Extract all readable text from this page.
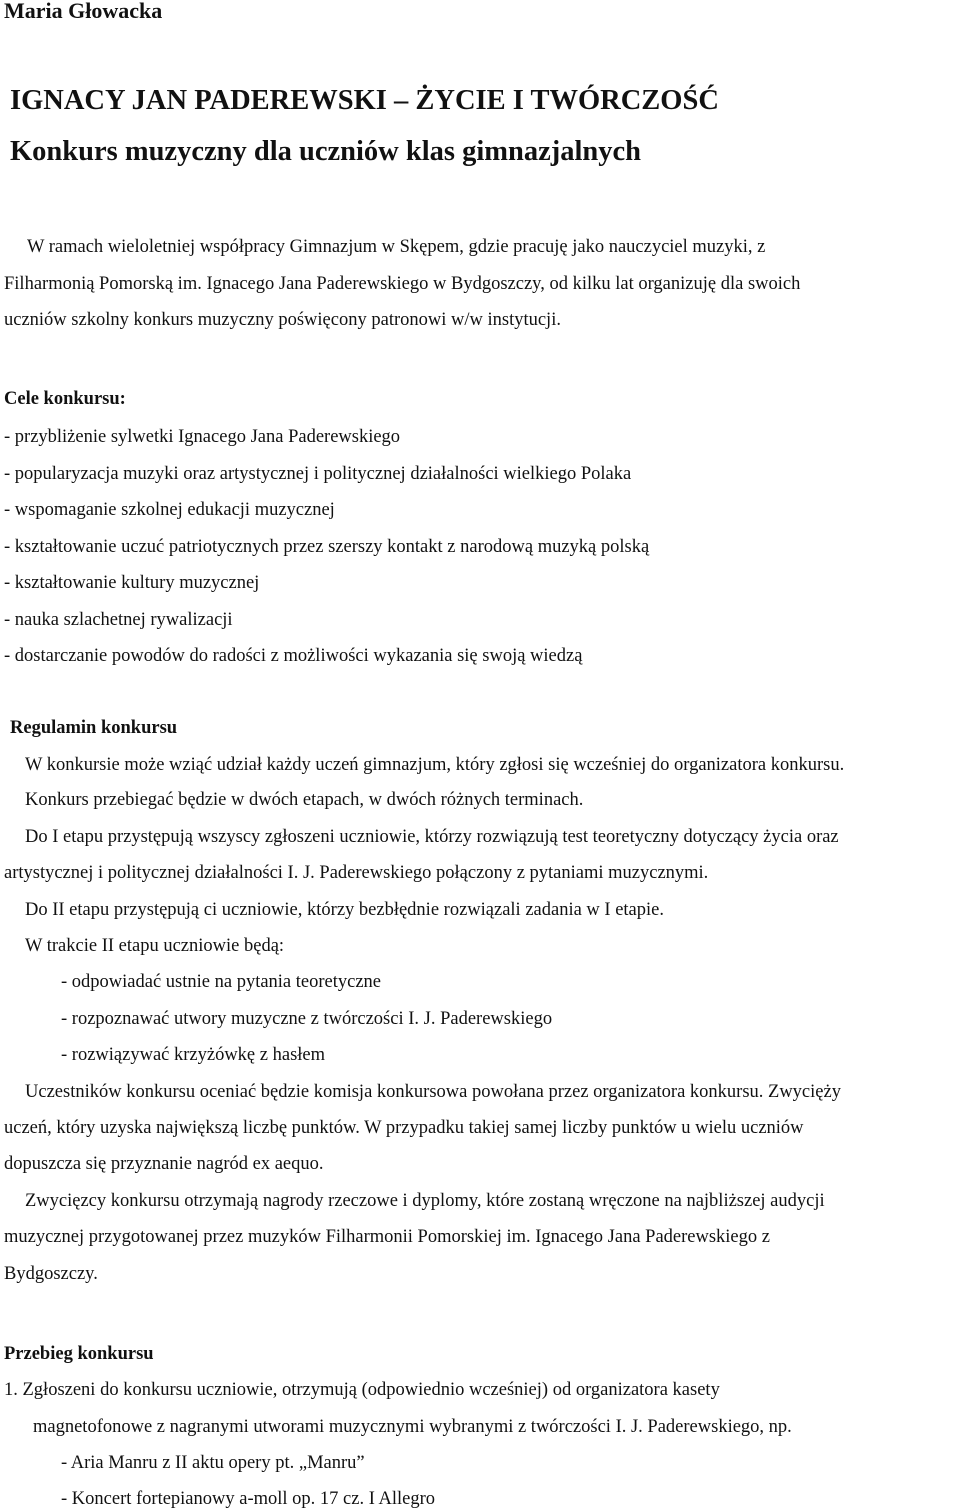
Maria Głowacka
IGNACY JAN PADEREWSKI – ŻYCIE I TWÓRCZOŚĆ
Konkurs muzyczny dla uczniów klas gimnazjalnych
W ramach wieloletniej współpracy Gimnazjum w Skępem, gdzie pracuję jako nauczyciel muzyki, z
Filharmonią Pomorską im. Ignacego Jana Paderewskiego w Bydgoszczy, od kilku lat organizuję dla swoich
uczniów szkolny konkurs muzyczny poświęcony patronowi w/w instytucji.
Cele konkursu:
- przybliżenie sylwetki Ignacego Jana Paderewskiego
- popularyzacja muzyki oraz artystycznej i politycznej działalności wielkiego Polaka
- wspomaganie szkolnej edukacji muzycznej
- kształtowanie uczuć patriotycznych przez szerszy kontakt z narodową muzyką polską
- kształtowanie kultury muzycznej
- nauka szlachetnej rywalizacji
- dostarczanie powodów do radości z możliwości wykazania się swoją wiedzą
Regulamin konkursu
W konkursie może wziąć udział każdy uczeń gimnazjum, który zgłosi się wcześniej do organizatora konkursu.
Konkurs przebiegać będzie w dwóch etapach, w dwóch różnych terminach.
Do I etapu przystępują wszyscy zgłoszeni uczniowie, którzy rozwiązują test teoretyczny dotyczący życia oraz
artystycznej i politycznej działalności I. J. Paderewskiego połączony z pytaniami muzycznymi.
Do II etapu przystępują ci uczniowie, którzy bezbłędnie rozwiązali zadania w I etapie.
W trakcie II etapu uczniowie będą:
- odpowiadać ustnie na pytania teoretyczne
- rozpoznawać utwory muzyczne z twórczości I. J. Paderewskiego
- rozwiązywać krzyżówkę z hasłem
Uczestników konkursu oceniać będzie komisja konkursowa powołana przez organizatora konkursu. Zwycięży
uczeń, który uzyska największą liczbę punktów. W przypadku takiej samej liczby punktów u wielu uczniów
dopuszcza się przyznanie nagród ex aequo.
Zwycięzcy konkursu otrzymają nagrody rzeczowe i dyplomy, które zostaną wręczone na najbliższej audycji
muzycznej przygotowanej przez muzyków Filharmonii Pomorskiej im. Ignacego Jana Paderewskiego z
Bydgoszczy.
Przebieg konkursu
1. Zgłoszeni do konkursu uczniowie, otrzymują (odpowiednio wcześniej) od organizatora kasety
magnetofonowe z nagranymi utworami muzycznymi wybranymi z twórczości I. J. Paderewskiego, np.
- Aria Manru z II aktu opery pt. „Manru”
- Koncert fortepianowy a-moll op. 17 cz. I Allegro
